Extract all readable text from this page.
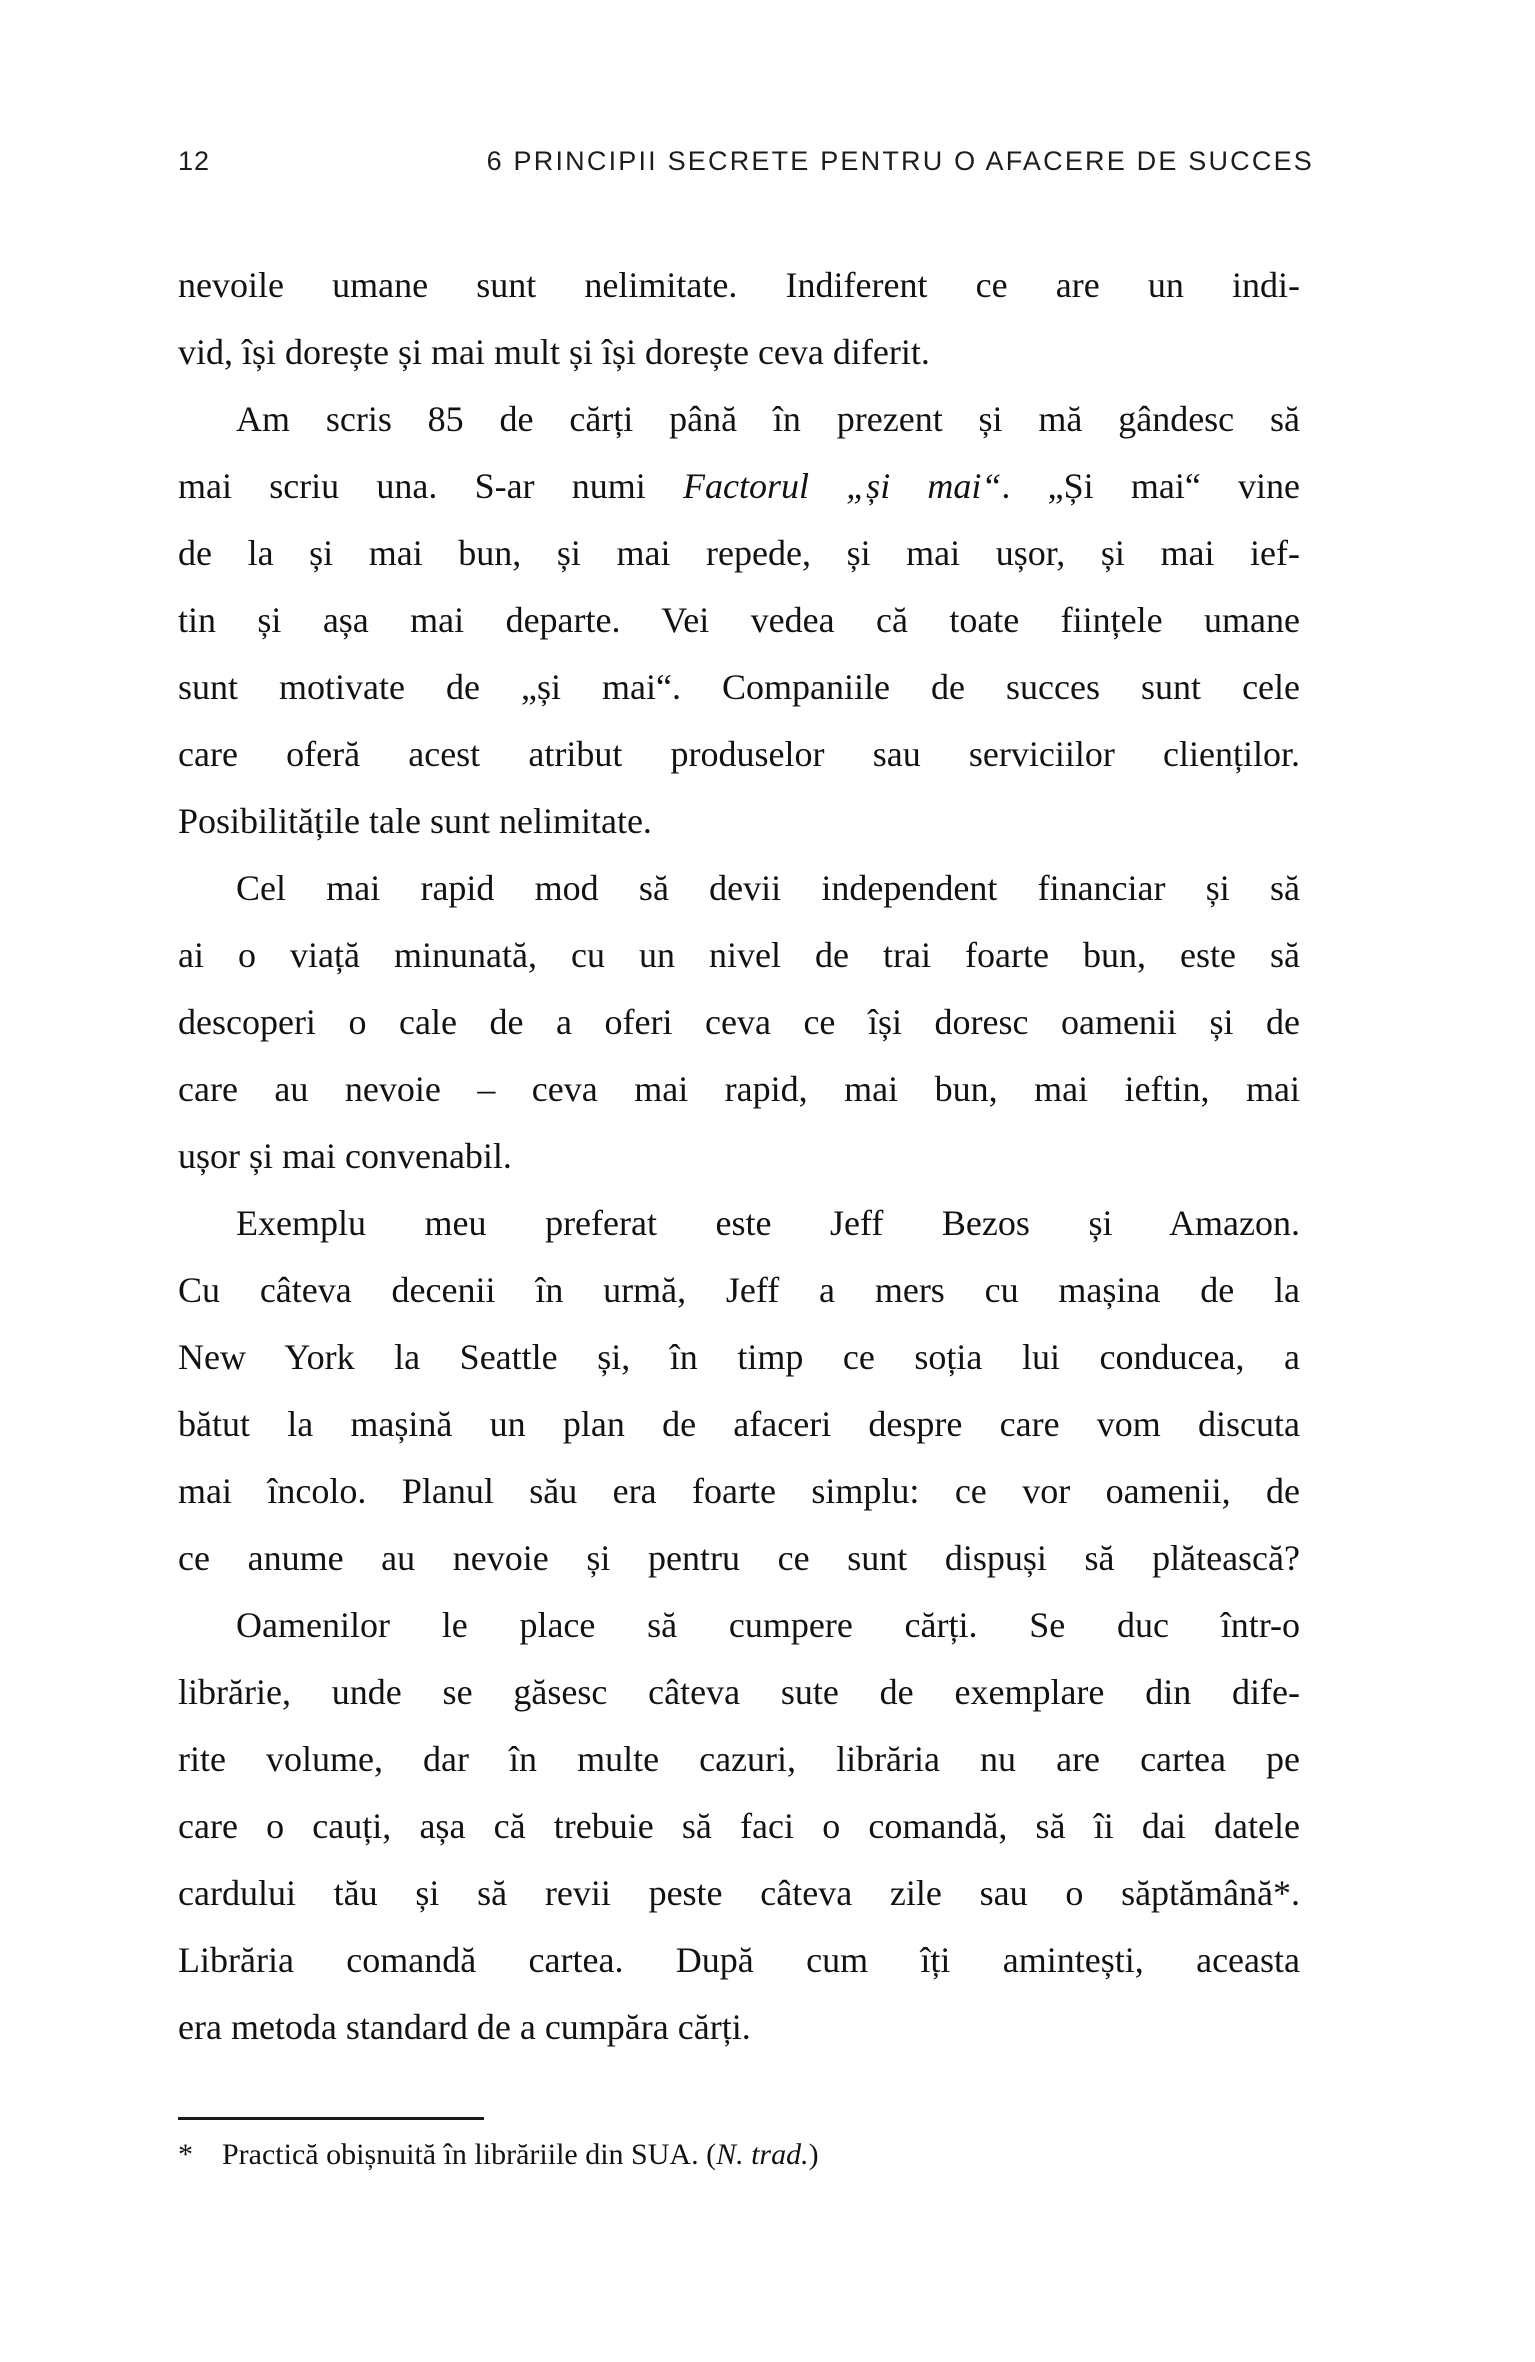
12	6 PRINCIPII SECRETE PENTRU O AFACERE DE SUCCES
nevoile umane sunt nelimitate. Indiferent ce are un indi-
vid, își dorește și mai mult și își dorește ceva diferit.
Am scris 85 de cărți până în prezent și mă gândesc să
mai scriu una. S-ar numi Factorul „și mai“. „Și mai“ vine
de la și mai bun, și mai repede, și mai ușor, și mai ief-
tin și așa mai departe. Vei vedea că toate ființele umane
sunt motivate de „și mai“. Companiile de succes sunt cele
care oferă acest atribut produselor sau serviciilor clienților.
Posibilitățile tale sunt nelimitate.
Cel mai rapid mod să devii independent financiar și să
ai o viață minunată, cu un nivel de trai foarte bun, este să
descoperi o cale de a oferi ceva ce își doresc oamenii și de
care au nevoie – ceva mai rapid, mai bun, mai ieftin, mai
ușor și mai convenabil.
Exemplu meu preferat este Jeff Bezos și Amazon.
Cu câteva decenii în urmă, Jeff a mers cu mașina de la
New York la Seattle și, în timp ce soția lui conducea, a
bătut la mașină un plan de afaceri despre care vom discuta
mai încolo. Planul său era foarte simplu: ce vor oamenii, de
ce anume au nevoie și pentru ce sunt dispuși să plătească?
Oamenilor le place să cumpere cărți. Se duc într-o
librărie, unde se găsesc câteva sute de exemplare din dife-
rite volume, dar în multe cazuri, librăria nu are cartea pe
care o cauți, așa că trebuie să faci o comandă, să îi dai datele
cardului tău și să revii peste câteva zile sau o săptămână*.
Librăria comandă cartea. După cum îți amintești, aceasta
era metoda standard de a cumpăra cărți.
* Practică obișnuită în librăriile din SUA. (N. trad.)
